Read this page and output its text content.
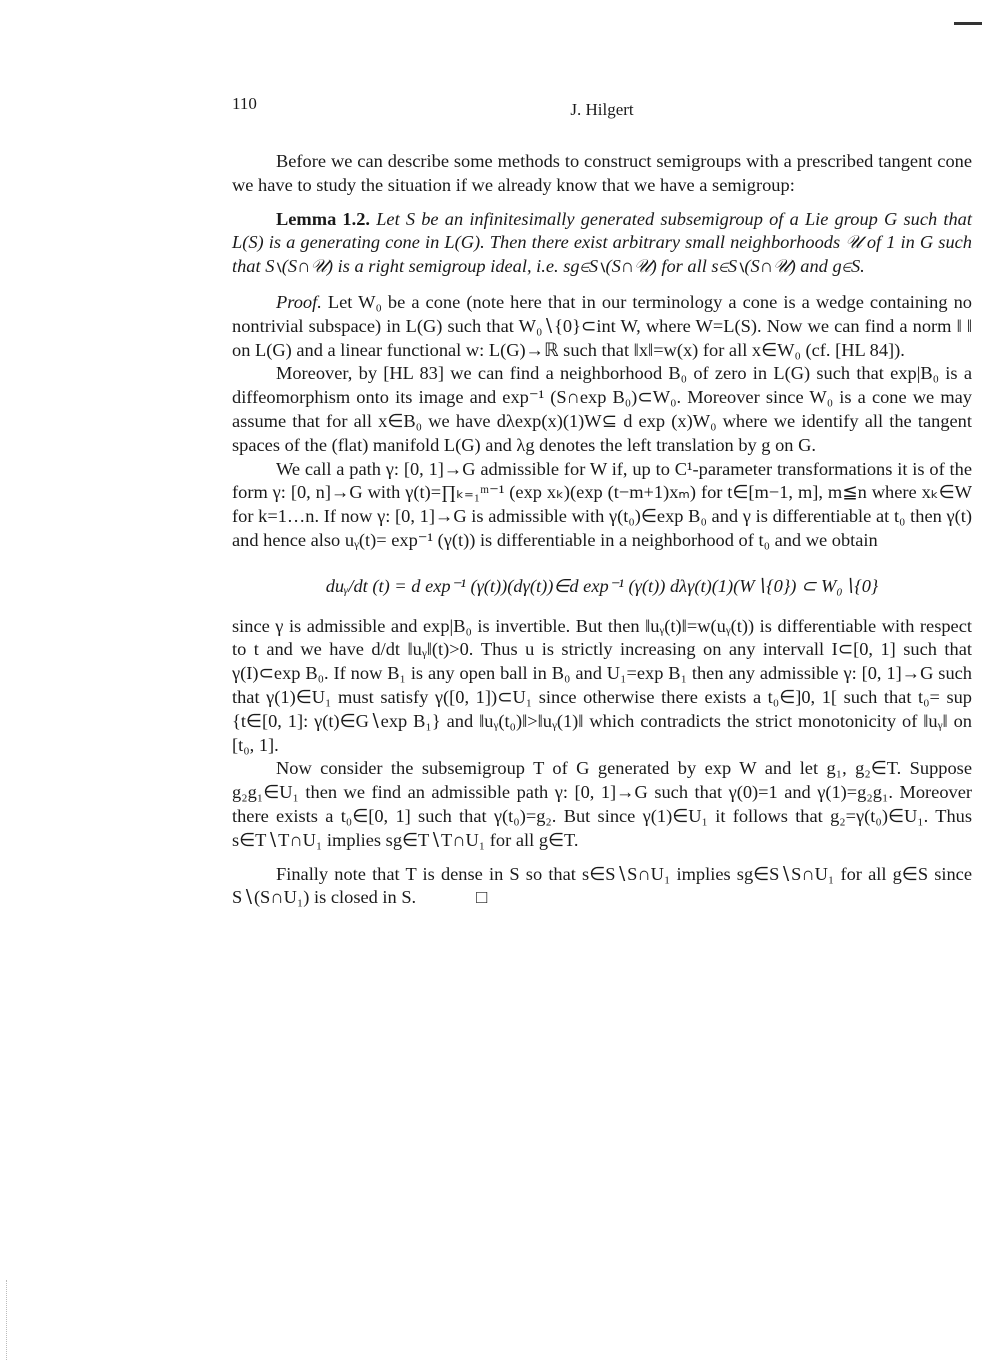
110	J. Hilgert

Before we can describe some methods to construct semigroups with a prescribed tangent cone we have to study the situation if we already know that we have a semigroup:

Lemma 1.2. Let S be an infinitesimally generated subsemigroup of a Lie group G such that L(S) is a generating cone in L(G). Then there exist arbitrary small neighborhoods 𝒰 of 1 in G such that S∖(S∩𝒰) is a right semigroup ideal, i.e. sg∈S∖(S∩𝒰) for all s∈S∖(S∩𝒰) and g∈S.

Proof. Let W₀ be a cone (note here that in our terminology a cone is a wedge containing no nontrivial subspace) in L(G) such that W₀∖{0}⊂int W, where W=L(S). Now we can find a norm ‖ ‖ on L(G) and a linear functional w: L(G)→ℝ such that ‖x‖=w(x) for all x∈W₀ (cf. [HL 84]).

Moreover, by [HL 83] we can find a neighborhood B₀ of zero in L(G) such that exp|B₀ is a diffeomorphism onto its image and exp⁻¹ (S∩exp B₀)⊂W₀. Moreover since W₀ is a cone we may assume that for all x∈B₀ we have dλexp(x)(1)W⊆ d exp (x)W₀ where we identify all the tangent spaces of the (flat) manifold L(G) and λg denotes the left translation by g on G.

We call a path γ: [0, 1]→G admissible for W if, up to C¹-parameter transformations it is of the form γ: [0, n]→G with γ(t)=∏ₖ₌₁ᵐ⁻¹ (exp xₖ)(exp (t−m+1)xₘ) for t∈[m−1, m], m≦n where xₖ∈W for k=1…n. If now γ: [0, 1]→G is admissible with γ(t₀)∈exp B₀ and γ is differentiable at t₀ then γ(t) and hence also uᵧ(t)= exp⁻¹ (γ(t)) is differentiable in a neighborhood of t₀ and we obtain

duᵧ/dt (t) = d exp⁻¹ (γ(t))(dγ(t))∈d exp⁻¹ (γ(t)) dλγ(t)(1)(W∖{0}) ⊂ W₀∖{0}

since γ is admissible and exp|B₀ is invertible. But then ‖uᵧ(t)‖=w(uᵧ(t)) is differentiable with respect to t and we have d/dt ‖uᵧ‖(t)>0. Thus u is strictly increasing on any intervall I⊂[0, 1] such that γ(I)⊂exp B₀. If now B₁ is any open ball in B₀ and U₁=exp B₁ then any admissible γ: [0, 1]→G such that γ(1)∈U₁ must satisfy γ([0, 1])⊂U₁ since otherwise there exists a t₀∈]0, 1[ such that t₀= sup {t∈[0, 1]: γ(t)∈G∖exp B₁} and ‖uᵧ(t₀)‖>‖uᵧ(1)‖ which contradicts the strict monotonicity of ‖uᵧ‖ on [t₀, 1].

Now consider the subsemigroup T of G generated by exp W and let g₁, g₂∈T. Suppose g₂g₁∈U₁ then we find an admissible path γ: [0, 1]→G such that γ(0)=1 and γ(1)=g₂g₁. Moreover there exists a t₀∈[0, 1] such that γ(t₀)=g₂. But since γ(1)∈U₁ it follows that g₂=γ(t₀)∈U₁. Thus s∈T∖T∩U₁ implies sg∈T∖T∩U₁ for all g∈T.

Finally note that T is dense in S so that s∈S∖S∩U₁ implies sg∈S∖S∩U₁ for all g∈S since S∖(S∩U₁) is closed in S.	□
